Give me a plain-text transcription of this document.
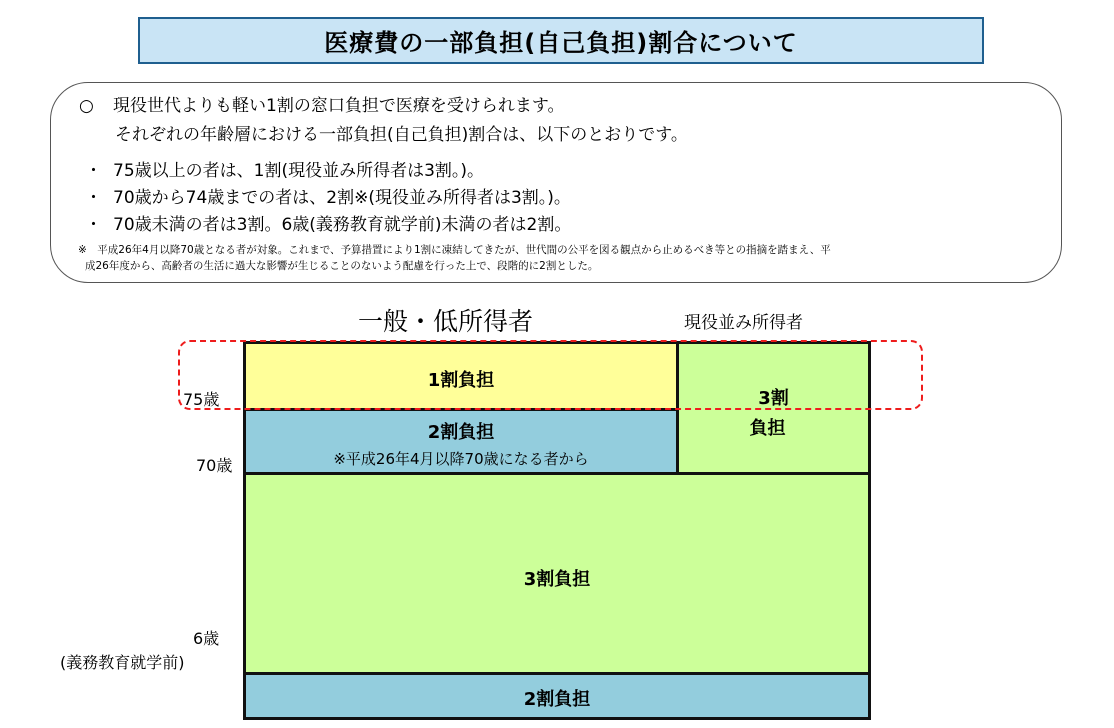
医療費の一部負担(自己負担)割合について
○ 現役世代よりも軽い1割の窓口負担で医療を受けられます。
それぞれの年齢層における一部負担(自己負担)割合は、以下のとおりです。
・ 75歳以上の者は、1割(現役並み所得者は3割。)。
・ 70歳から74歳までの者は、2割※(現役並み所得者は3割。)。
・ 70歳未満の者は3割。6歳(義務教育就学前)未満の者は2割。
※　平成26年4月以降70歳となる者が対象。これまで、予算措置により1割に凍結してきたが、世代間の公平を図る観点から止めるべき等との指摘を踏まえ、平
成26年度から、高齢者の生活に過大な影響が生じることのないよう配慮を行った上で、段階的に2割とした。
一般・低所得者	現役並み所得者
1割負担
3割
負担
2割負担
※平成26年4月以降70歳になる者から
3割負担
2割負担
75歳
70歳
6歳
(義務教育就学前)
